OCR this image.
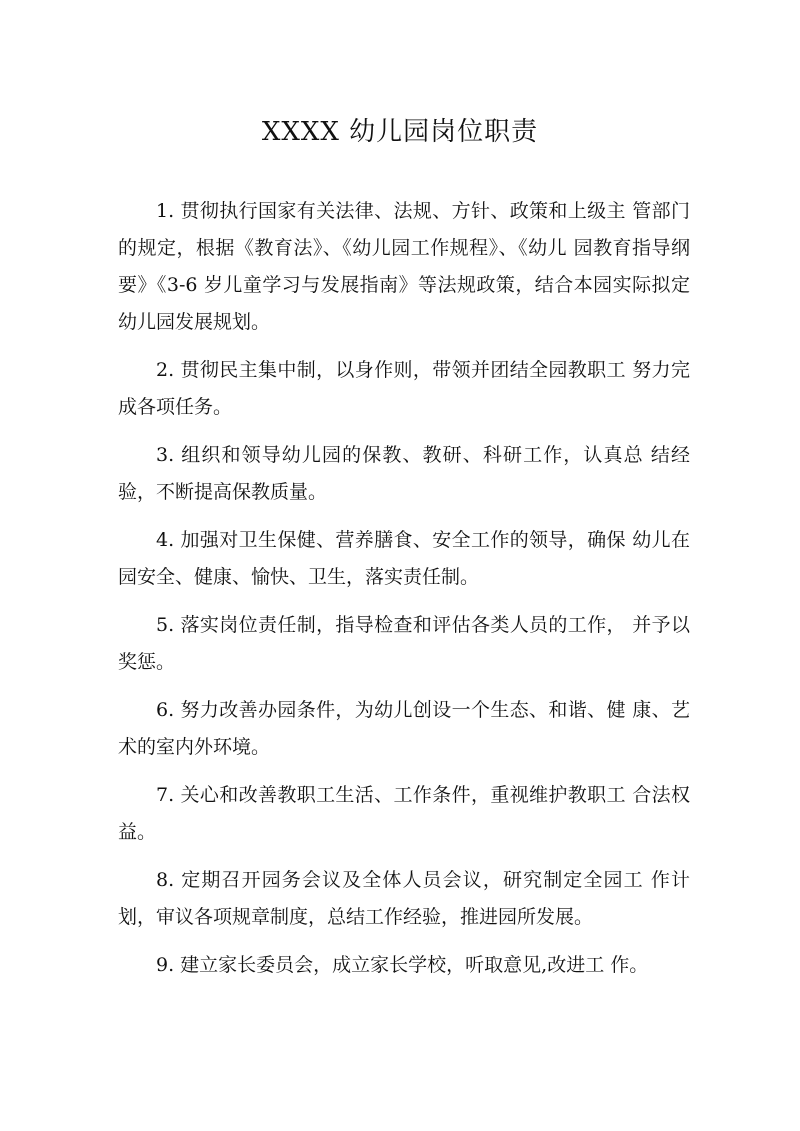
XXXX 幼儿园岗位职责

1. 贯彻执行国家有关法律、法规、方针、政策和上级主 管部门的规定，根据《教育法》、《幼儿园工作规程》、《幼儿 园教育指导纲要》《3-6 岁儿童学习与发展指南》等法规政策，结合本园实际拟定幼儿园发展规划。

2. 贯彻民主集中制，以身作则，带领并团结全园教职工 努力完成各项任务。

3. 组织和领导幼儿园的保教、教研、科研工作，认真总 结经验，不断提高保教质量。

4. 加强对卫生保健、营养膳食、安全工作的领导，确保 幼儿在园安全、健康、愉快、卫生，落实责任制。

5. 落实岗位责任制，指导检查和评估各类人员的工作， 并予以奖惩。

6. 努力改善办园条件，为幼儿创设一个生态、和谐、健 康、艺术的室内外环境。

7. 关心和改善教职工生活、工作条件，重视维护教职工 合法权益。

8. 定期召开园务会议及全体人员会议，研究制定全园工 作计划，审议各项规章制度，总结工作经验，推进园所发展。

9. 建立家长委员会，成立家长学校，听取意见,改进工 作。
